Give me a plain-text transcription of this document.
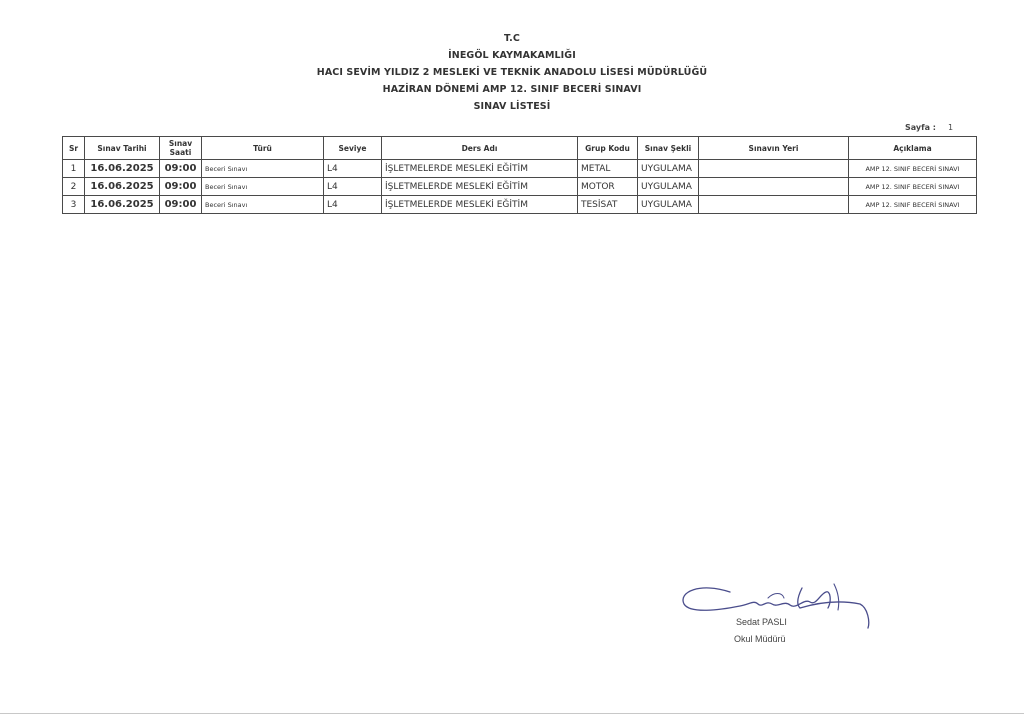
T.C
İNEGÖL KAYMAKAMLIĞI
HACI SEVİM YILDIZ 2 MESLEKİ VE TEKNİK ANADOLU LİSESİ MÜDÜRLÜĞÜ
HAZİRAN DÖNEMİ AMP 12. SINIF BECERİ SINAVI
SINAV LİSTESİ
Sayfa : 1
Sr	Sınav Tarihi	Sınav Saati	Türü	Seviye	Ders Adı	Grup Kodu	Sınav Şekli	Sınavın Yeri	Açıklama
1	16.06.2025	09:00	Beceri Sınavı	L4	İŞLETMELERDE MESLEKİ EĞİTİM	METAL	UYGULAMA		AMP 12. SINIF BECERİ SINAVI
2	16.06.2025	09:00	Beceri Sınavı	L4	İŞLETMELERDE MESLEKİ EĞİTİM	MOTOR	UYGULAMA		AMP 12. SINIF BECERİ SINAVI
3	16.06.2025	09:00	Beceri Sınavı	L4	İŞLETMELERDE MESLEKİ EĞİTİM	TESİSAT	UYGULAMA		AMP 12. SINIF BECERİ SINAVI
Sedat PASLI
Okul Müdürü
